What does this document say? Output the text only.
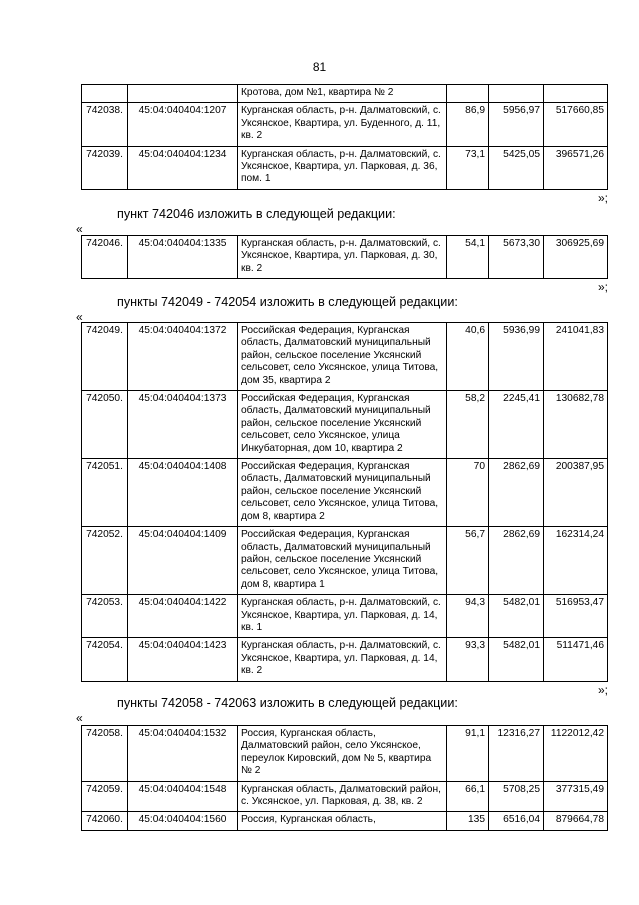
81
		Кротова, дом №1, квартира № 2			
742038.	45:04:040404:1207	Курганская область, р-н. Далматовский, с. Уксянское, Квартира, ул. Буденного, д. 11, кв. 2	86,9	5956,97	517660,85
742039.	45:04:040404:1234	Курганская область, р-н. Далматовский, с. Уксянское, Квартира, ул. Парковая, д. 36, пом. 1	73,1	5425,05	396571,26
»;
пункт 742046 изложить в следующей редакции:
«
742046.	45:04:040404:1335	Курганская область, р-н. Далматовский, с. Уксянское, Квартира, ул. Парковая, д. 30, кв. 2	54,1	5673,30	306925,69
»;
пункты 742049 - 742054 изложить в следующей редакции:
«
742049.	45:04:040404:1372	Российская Федерация, Курганская область, Далматовский муниципальный район, сельское поселение Уксянский сельсовет, село Уксянское, улица Титова, дом 35, квартира 2	40,6	5936,99	241041,83
742050.	45:04:040404:1373	Российская Федерация, Курганская область, Далматовский муниципальный район, сельское поселение Уксянский сельсовет, село Уксянское, улица Инкубаторная, дом 10, квартира 2	58,2	2245,41	130682,78
742051.	45:04:040404:1408	Российская Федерация, Курганская область, Далматовский муниципальный район, сельское поселение Уксянский сельсовет, село Уксянское, улица Титова, дом 8, квартира 2	70	2862,69	200387,95
742052.	45:04:040404:1409	Российская Федерация, Курганская область, Далматовский муниципальный район, сельское поселение Уксянский сельсовет, село Уксянское, улица Титова, дом 8, квартира 1	56,7	2862,69	162314,24
742053.	45:04:040404:1422	Курганская область, р-н. Далматовский, с. Уксянское, Квартира, ул. Парковая, д. 14, кв. 1	94,3	5482,01	516953,47
742054.	45:04:040404:1423	Курганская область, р-н. Далматовский, с. Уксянское, Квартира, ул. Парковая, д. 14, кв. 2	93,3	5482,01	511471,46
»;
пункты 742058 - 742063 изложить в следующей редакции:
«
742058.	45:04:040404:1532	Россия, Курганская область, Далматовский район, село Уксянское, переулок Кировский, дом № 5, квартира № 2	91,1	12316,27	1122012,42
742059.	45:04:040404:1548	Курганская область, Далматовский район, с. Уксянское, ул. Парковая, д. 38, кв. 2	66,1	5708,25	377315,49
742060.	45:04:040404:1560	Россия, Курганская область,	135	6516,04	879664,78
